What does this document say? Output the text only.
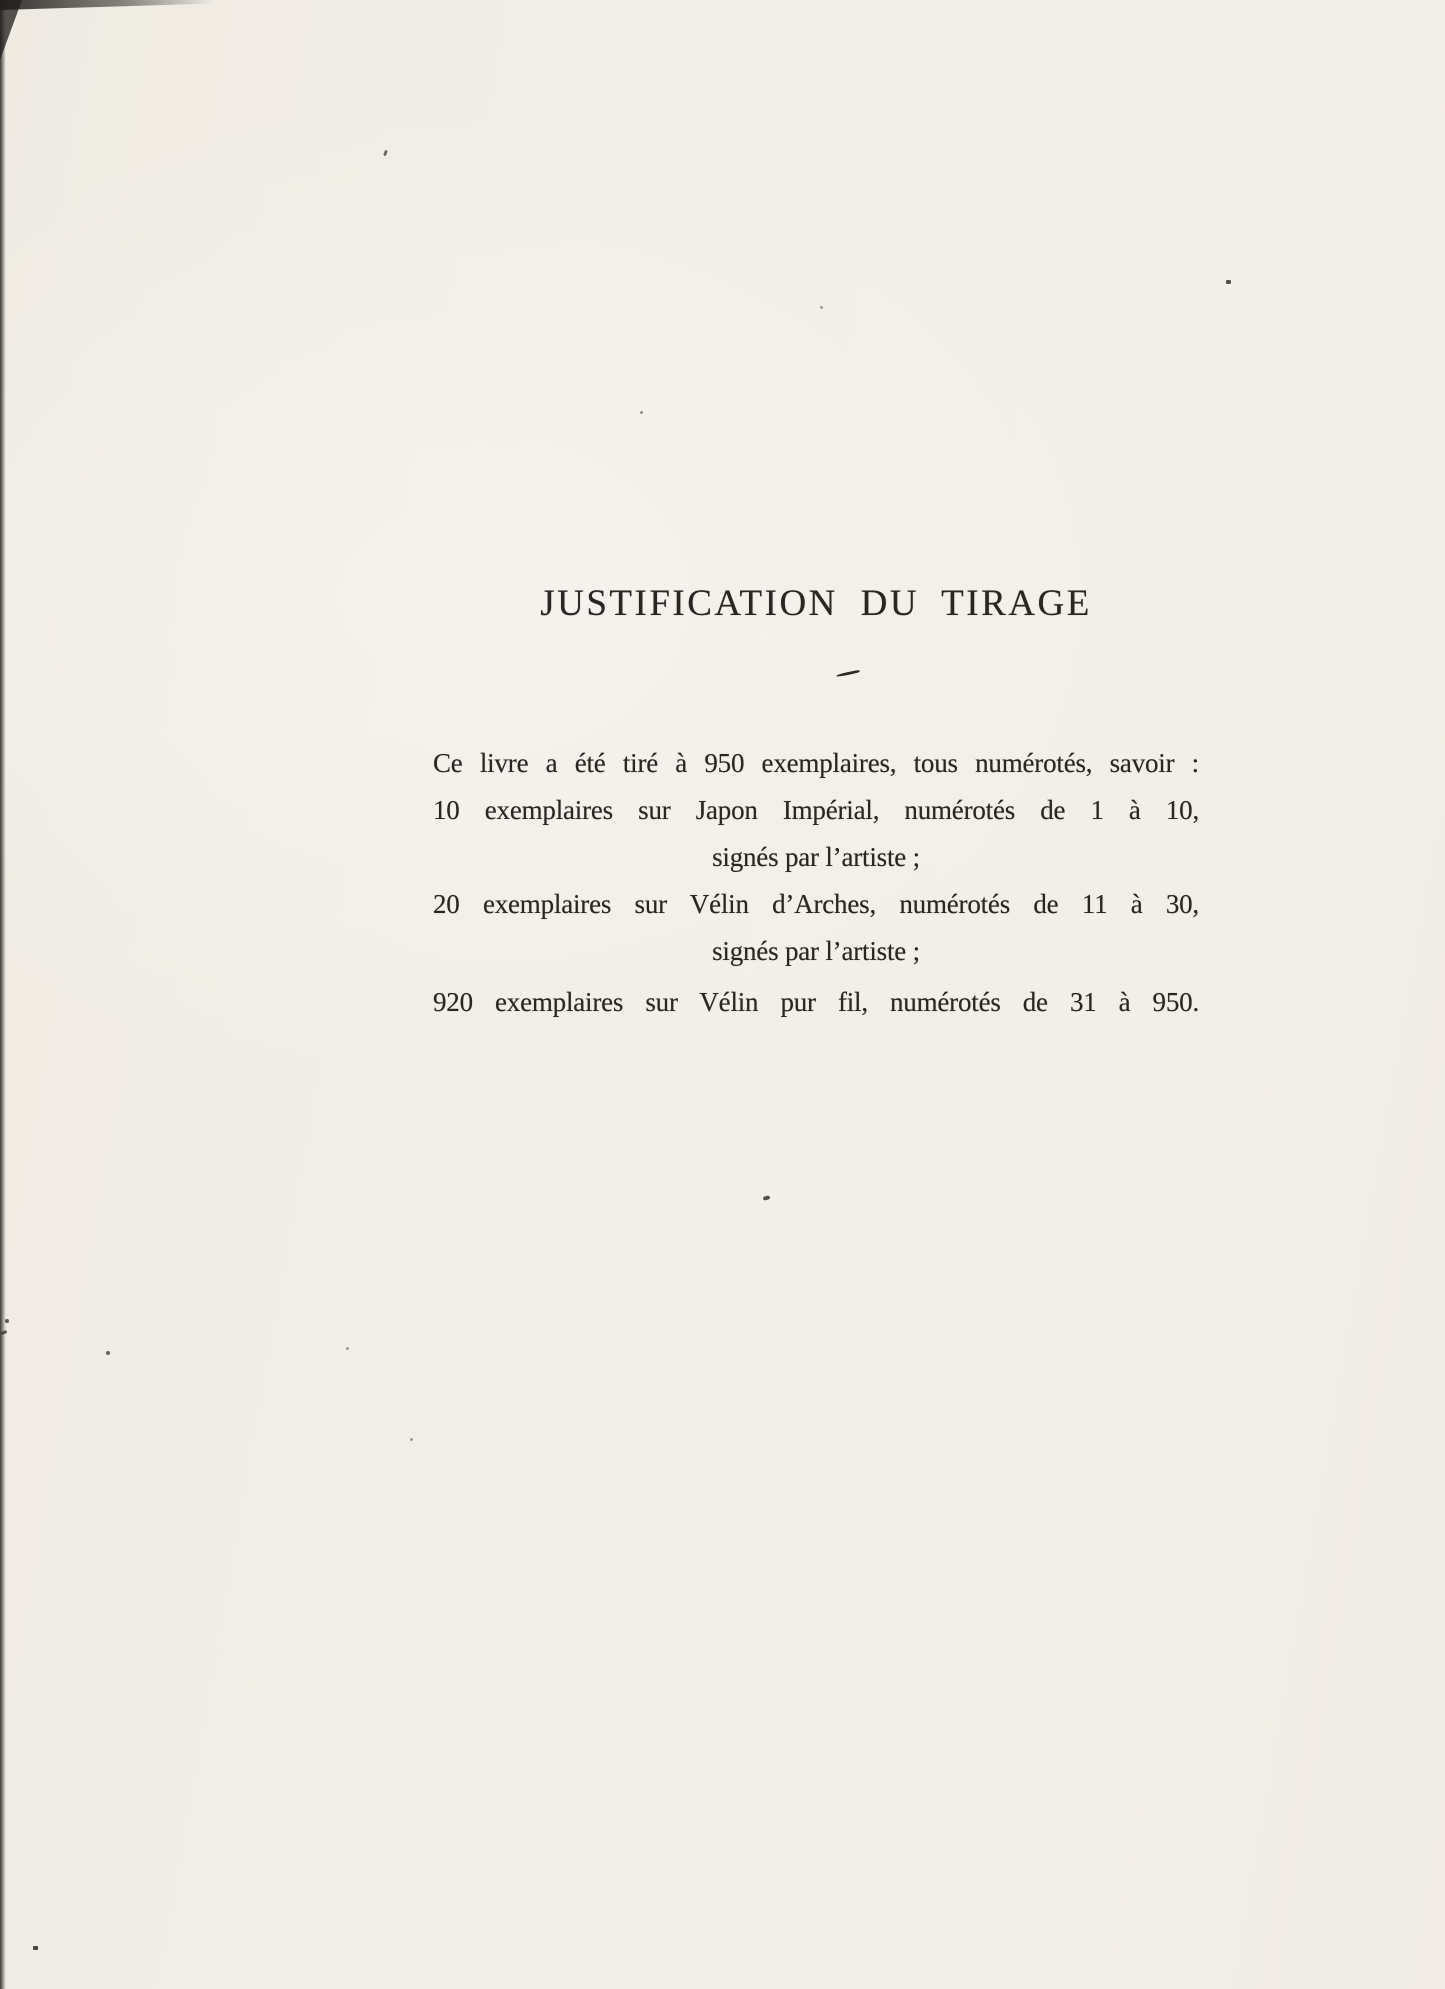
JUSTIFICATION DU TIRAGE

Ce livre a été tiré à 950 exemplaires, tous numérotés, savoir :

10 exemplaires sur Japon Impérial, numérotés de 1 à 10,

signés par l’artiste ;

20 exemplaires sur Vélin d’Arches, numérotés de 11 à 30,

signés par l’artiste ;

920 exemplaires sur Vélin pur fil, numérotés de 31 à 950.
